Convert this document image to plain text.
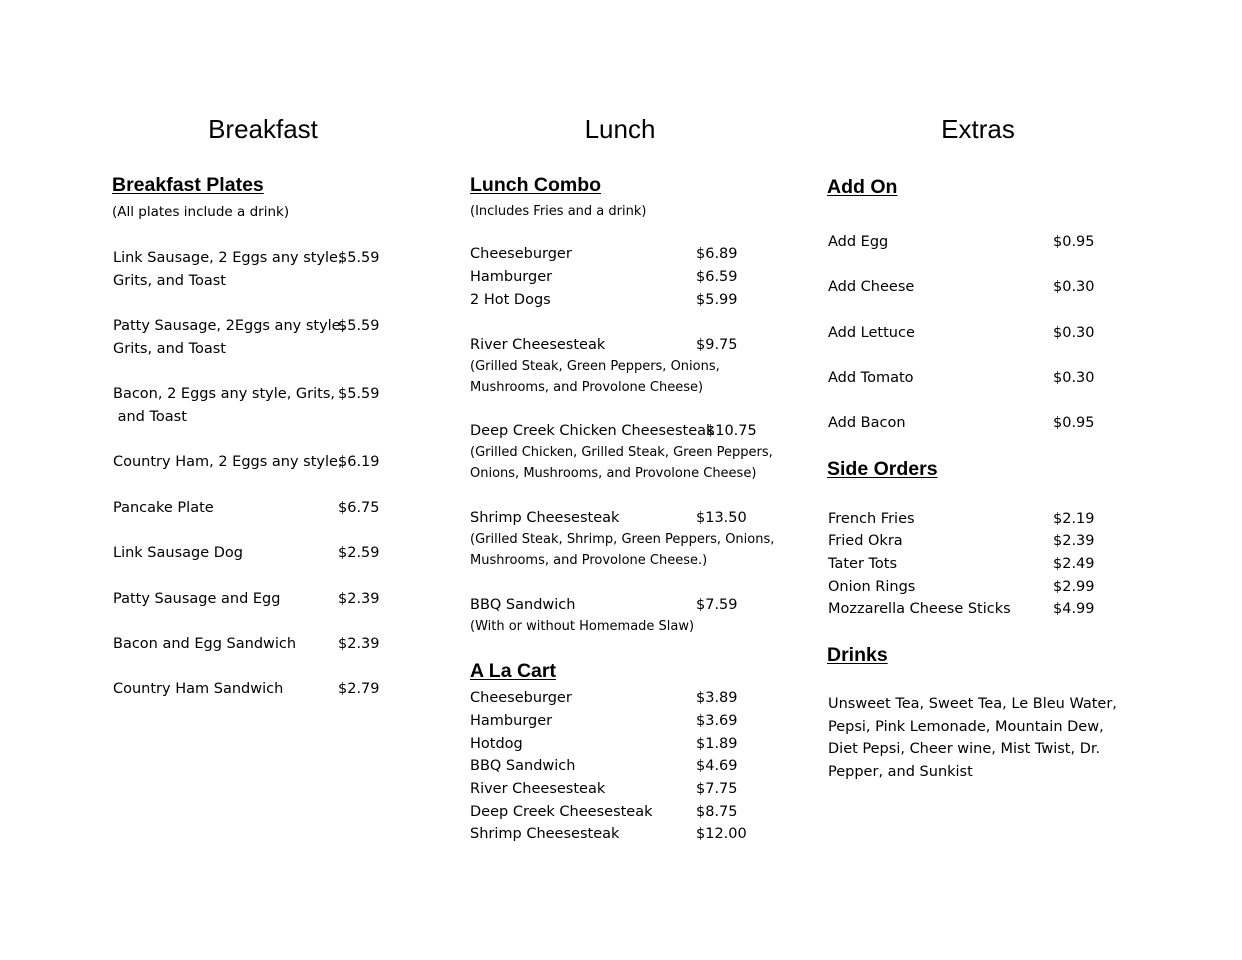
Breakfast
Breakfast Plates
(All plates include a drink)
Link Sausage, 2 Eggs any style,
Grits, and Toast
$5.59
Patty Sausage, 2Eggs any style,
Grits, and Toast
$5.59
Bacon, 2 Eggs any style, Grits,
and Toast
$5.59
Country Ham, 2 Eggs any style,
$6.19
Pancake Plate	$6.75
Link Sausage Dog	$2.59
Patty Sausage and Egg	$2.39
Bacon and Egg Sandwich	$2.39
Country Ham Sandwich	$2.79
Lunch
Lunch Combo
(Includes Fries and a drink)
Cheeseburger	$6.89
Hamburger	$6.59
2 Hot Dogs	$5.99
River Cheesesteak	$9.75
(Grilled Steak, Green Peppers, Onions,
Mushrooms, and Provolone Cheese)
Deep Creek Chicken Cheesesteak
$10.75
(Grilled Chicken, Grilled Steak, Green Peppers,
Onions, Mushrooms, and Provolone Cheese)
Shrimp Cheesesteak	$13.50
(Grilled Steak, Shrimp, Green Peppers, Onions,
Mushrooms, and Provolone Cheese.)
BBQ Sandwich	$7.59
(With or without Homemade Slaw)
A La Cart
Cheeseburger	$3.89
Hamburger	$3.69
Hotdog	$1.89
BBQ Sandwich	$4.69
River Cheesesteak	$7.75
Deep Creek Cheesesteak	$8.75
Shrimp Cheesesteak	$12.00
Extras
Add On
Add Egg	$0.95
Add Cheese	$0.30
Add Lettuce	$0.30
Add Tomato	$0.30
Add Bacon	$0.95
Side Orders
French Fries	$2.19
Fried Okra	$2.39
Tater Tots	$2.49
Onion Rings	$2.99
Mozzarella Cheese Sticks	$4.99
Drinks
Unsweet Tea, Sweet Tea, Le Bleu Water, Pepsi, Pink Lemonade, Mountain Dew, Diet Pepsi, Cheer wine, Mist Twist, Dr. Pepper, and Sunkist
